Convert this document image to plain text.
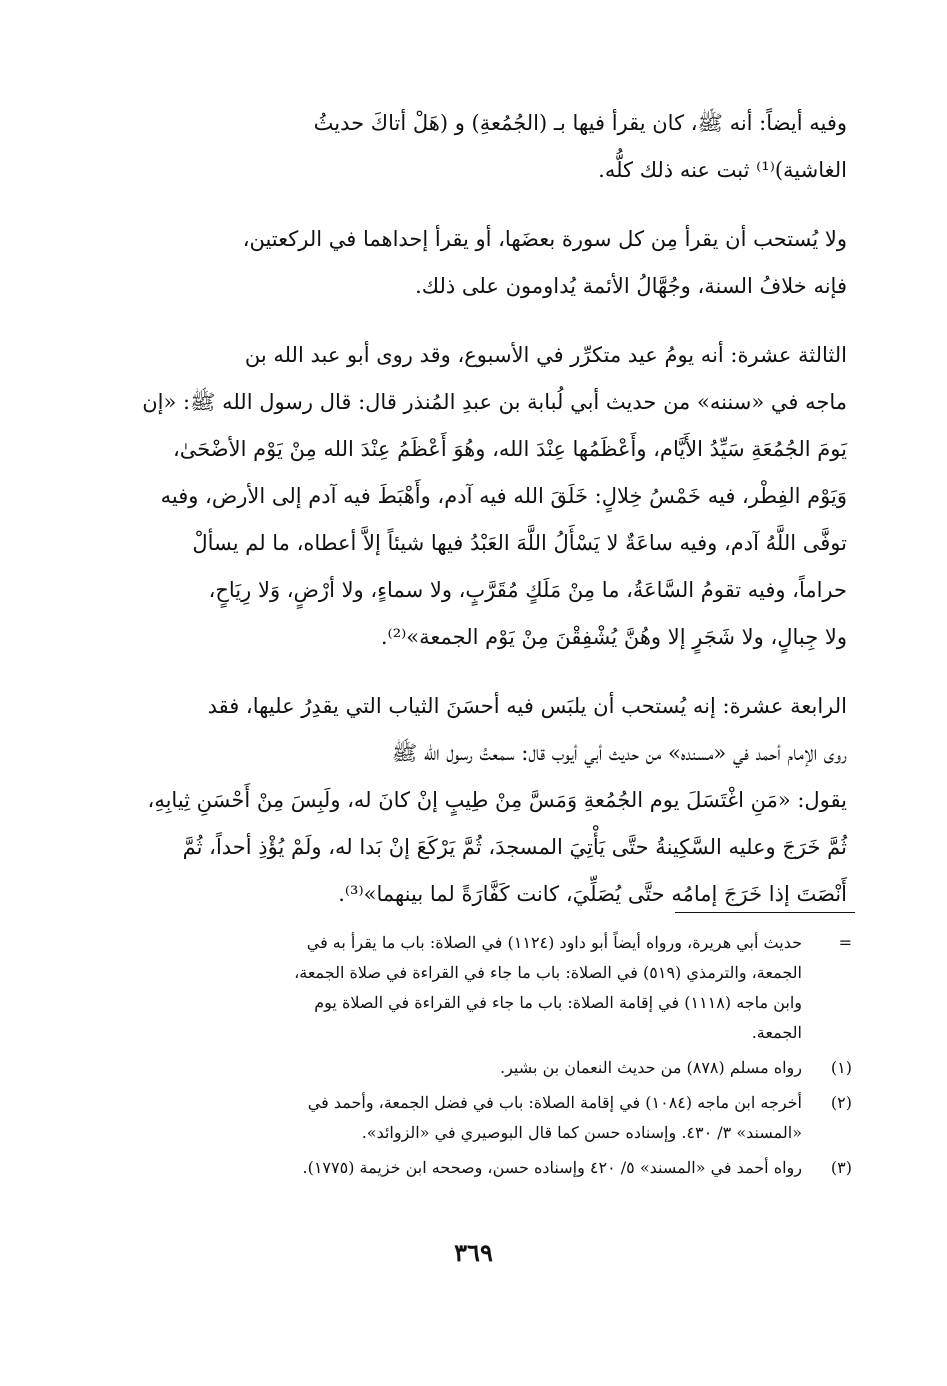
وفيه أيضاً: أنه ﷺ، كان يقرأ فيها بـ (الجُمُعةِ) و (هَلْ أتاكَ حديثُ
الغاشية)⁽¹⁾ ثبت عنه ذلك كلُّه.

ولا يُستحب أن يقرأ مِن كل سورة بعضَها، أو يقرأ إحداهما في الركعتين،
فإنه خلافُ السنة، وجُهَّالُ الأئمة يُداومون على ذلك.

الثالثة عشرة: أنه يومُ عيد متكرِّر في الأسبوع، وقد روى أبو عبد الله بن
ماجه في «سننه» من حديث أبي لُبابة بن عبدِ المُنذر قال: قال رسول الله ﷺ: «إن
يَومَ الجُمُعَةِ سَيِّدُ الأَيَّام، وأَعْظَمُها عِنْدَ الله، وهُوَ أَعْظَمُ عِنْدَ الله مِنْ يَوْم الأضْحَىٰ،
وَيَوْم الفِطْر، فيه خَمْسُ خِلالٍ: خَلَقَ الله فيه آدم، وأَهْبَطَ فيه آدم إلى الأرض، وفيه
توفَّى اللَّهُ آدم، وفيه ساعَةٌ لا يَسْأَلُ اللَّهَ العَبْدُ فيها شيئاً إلاَّ أعطاه، ما لم يسألْ
حراماً، وفيه تقومُ السَّاعَةُ، ما مِنْ مَلَكٍ مُقَرَّبٍ، ولا سماءٍ، ولا أرْضٍ، وَلا رِيَاحٍ،
ولا جِبالٍ، ولا شَجَرٍ إلا وهُنَّ يُشْفِقْنَ مِنْ يَوْم الجمعة»⁽²⁾.

الرابعة عشرة: إنه يُستحب أن يلبَس فيه أحسَنَ الثياب التي يقدِرُ عليها، فقد
روى الإمام أحمد في «مسنده» من حديث أبي أيوب قال: سمعتُ رسول الله ﷺ
يقول: «مَنِ اغْتَسَلَ يوم الجُمُعةِ وَمَسَّ مِنْ طِيبٍ إنْ كانَ له، ولَبِسَ مِنْ أَحْسَنِ ثِيابِهِ،
ثُمَّ خَرَجَ وعليه السَّكِينةُ حتَّى يَأْتِيَ المسجدَ، ثُمَّ يَرْكَعَ إنْ بَدا له، ولَمْ يُؤْذِ أحداً، ثُمَّ
أَنْصَتَ إذا خَرَجَ إمامُه حتَّى يُصَلِّيَ، كانت كَفَّارَةً لما بينهما»⁽³⁾.

=
حديث أبي هريرة، ورواه أيضاً أبو داود (١١٢٤) في الصلاة: باب ما يقرأ به في
الجمعة، والترمذي (٥١٩) في الصلاة: باب ما جاء في القراءة في صلاة الجمعة،
وابن ماجه (١١١٨) في إقامة الصلاة: باب ما جاء في القراءة في الصلاة يوم
الجمعة.
(١)
رواه مسلم (٨٧٨) من حديث النعمان بن بشير.
(٢)
أخرجه ابن ماجه (١٠٨٤) في إقامة الصلاة: باب في فضل الجمعة، وأحمد في
«المسند» ٣/ ٤٣٠. وإسناده حسن كما قال البوصيري في «الزوائد».
(٣)
رواه أحمد في «المسند» ٥/ ٤٢٠ وإسناده حسن، وصححه ابن خزيمة (١٧٧٥).
٣٦٩
